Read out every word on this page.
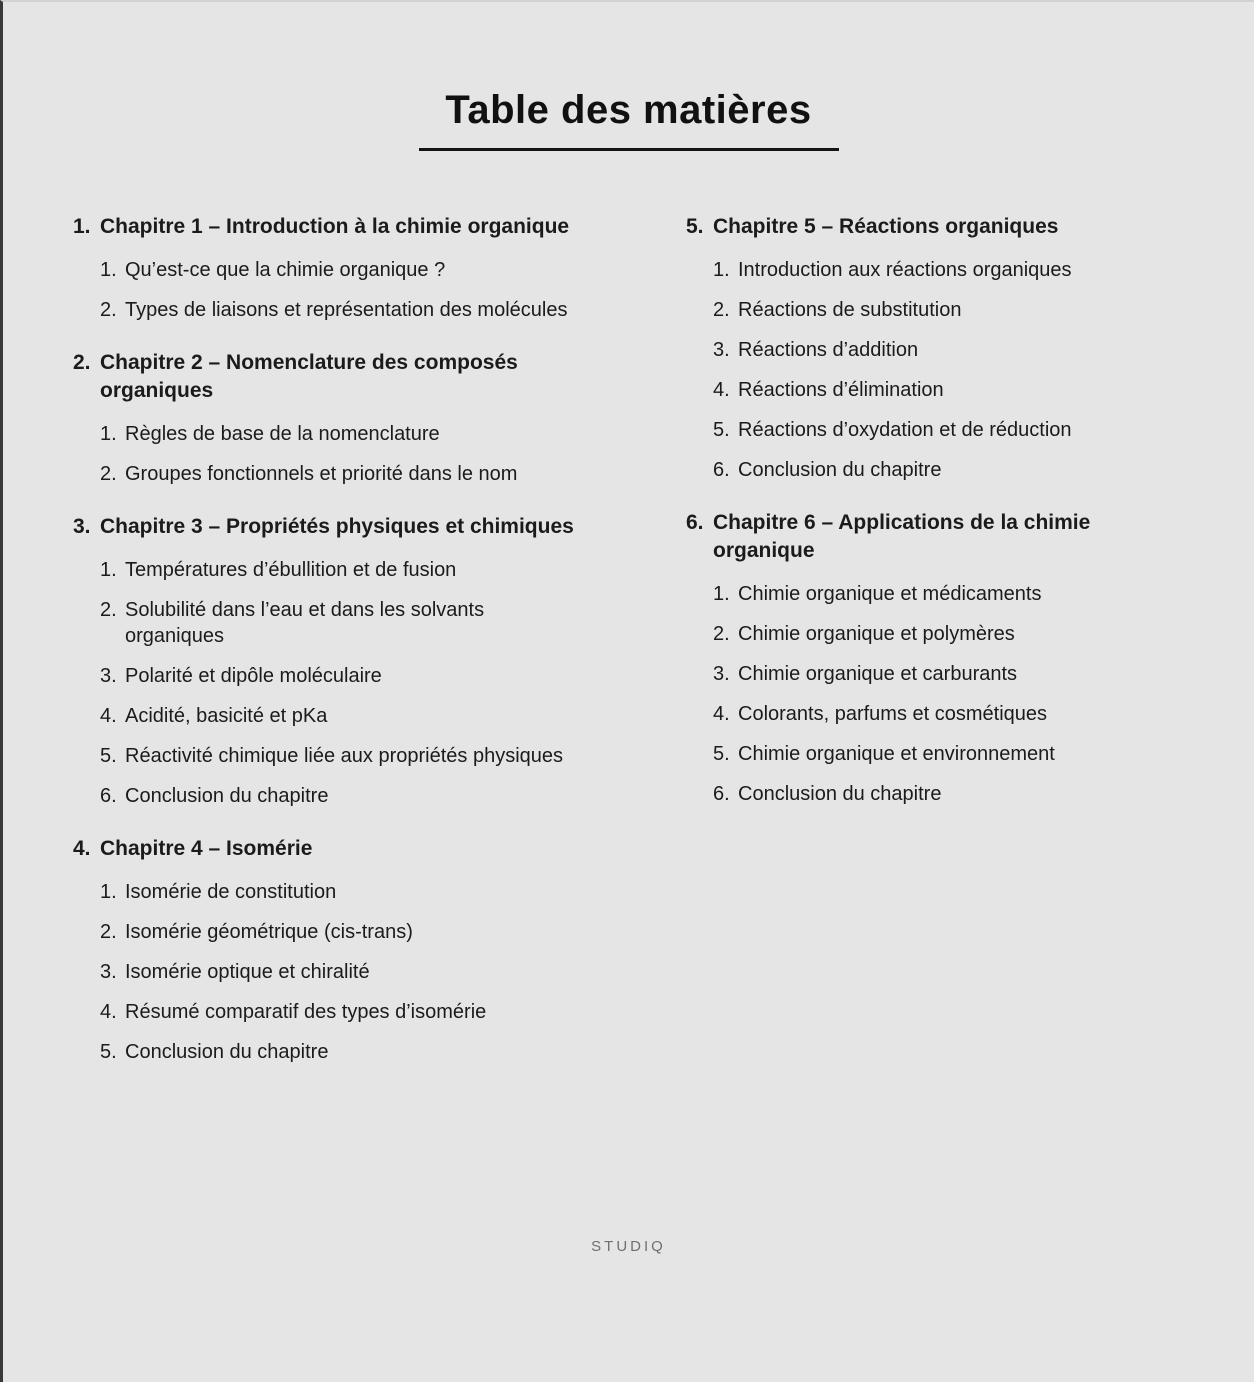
Table des matières
1. Chapitre 1 – Introduction à la chimie organique
1. Qu’est-ce que la chimie organique ?
2. Types de liaisons et représentation des molécules
2. Chapitre 2 – Nomenclature des composés organiques
1. Règles de base de la nomenclature
2. Groupes fonctionnels et priorité dans le nom
3. Chapitre 3 – Propriétés physiques et chimiques
1. Températures d’ébullition et de fusion
2. Solubilité dans l’eau et dans les solvants organiques
3. Polarité et dipôle moléculaire
4. Acidité, basicité et pKa
5. Réactivité chimique liée aux propriétés physiques
6. Conclusion du chapitre
4. Chapitre 4 – Isomérie
1. Isomérie de constitution
2. Isomérie géométrique (cis-trans)
3. Isomérie optique et chiralité
4. Résumé comparatif des types d’isomérie
5. Conclusion du chapitre
5. Chapitre 5 – Réactions organiques
1. Introduction aux réactions organiques
2. Réactions de substitution
3. Réactions d’addition
4. Réactions d’élimination
5. Réactions d’oxydation et de réduction
6. Conclusion du chapitre
6. Chapitre 6 – Applications de la chimie organique
1. Chimie organique et médicaments
2. Chimie organique et polymères
3. Chimie organique et carburants
4. Colorants, parfums et cosmétiques
5. Chimie organique et environnement
6. Conclusion du chapitre
STUDIQ
